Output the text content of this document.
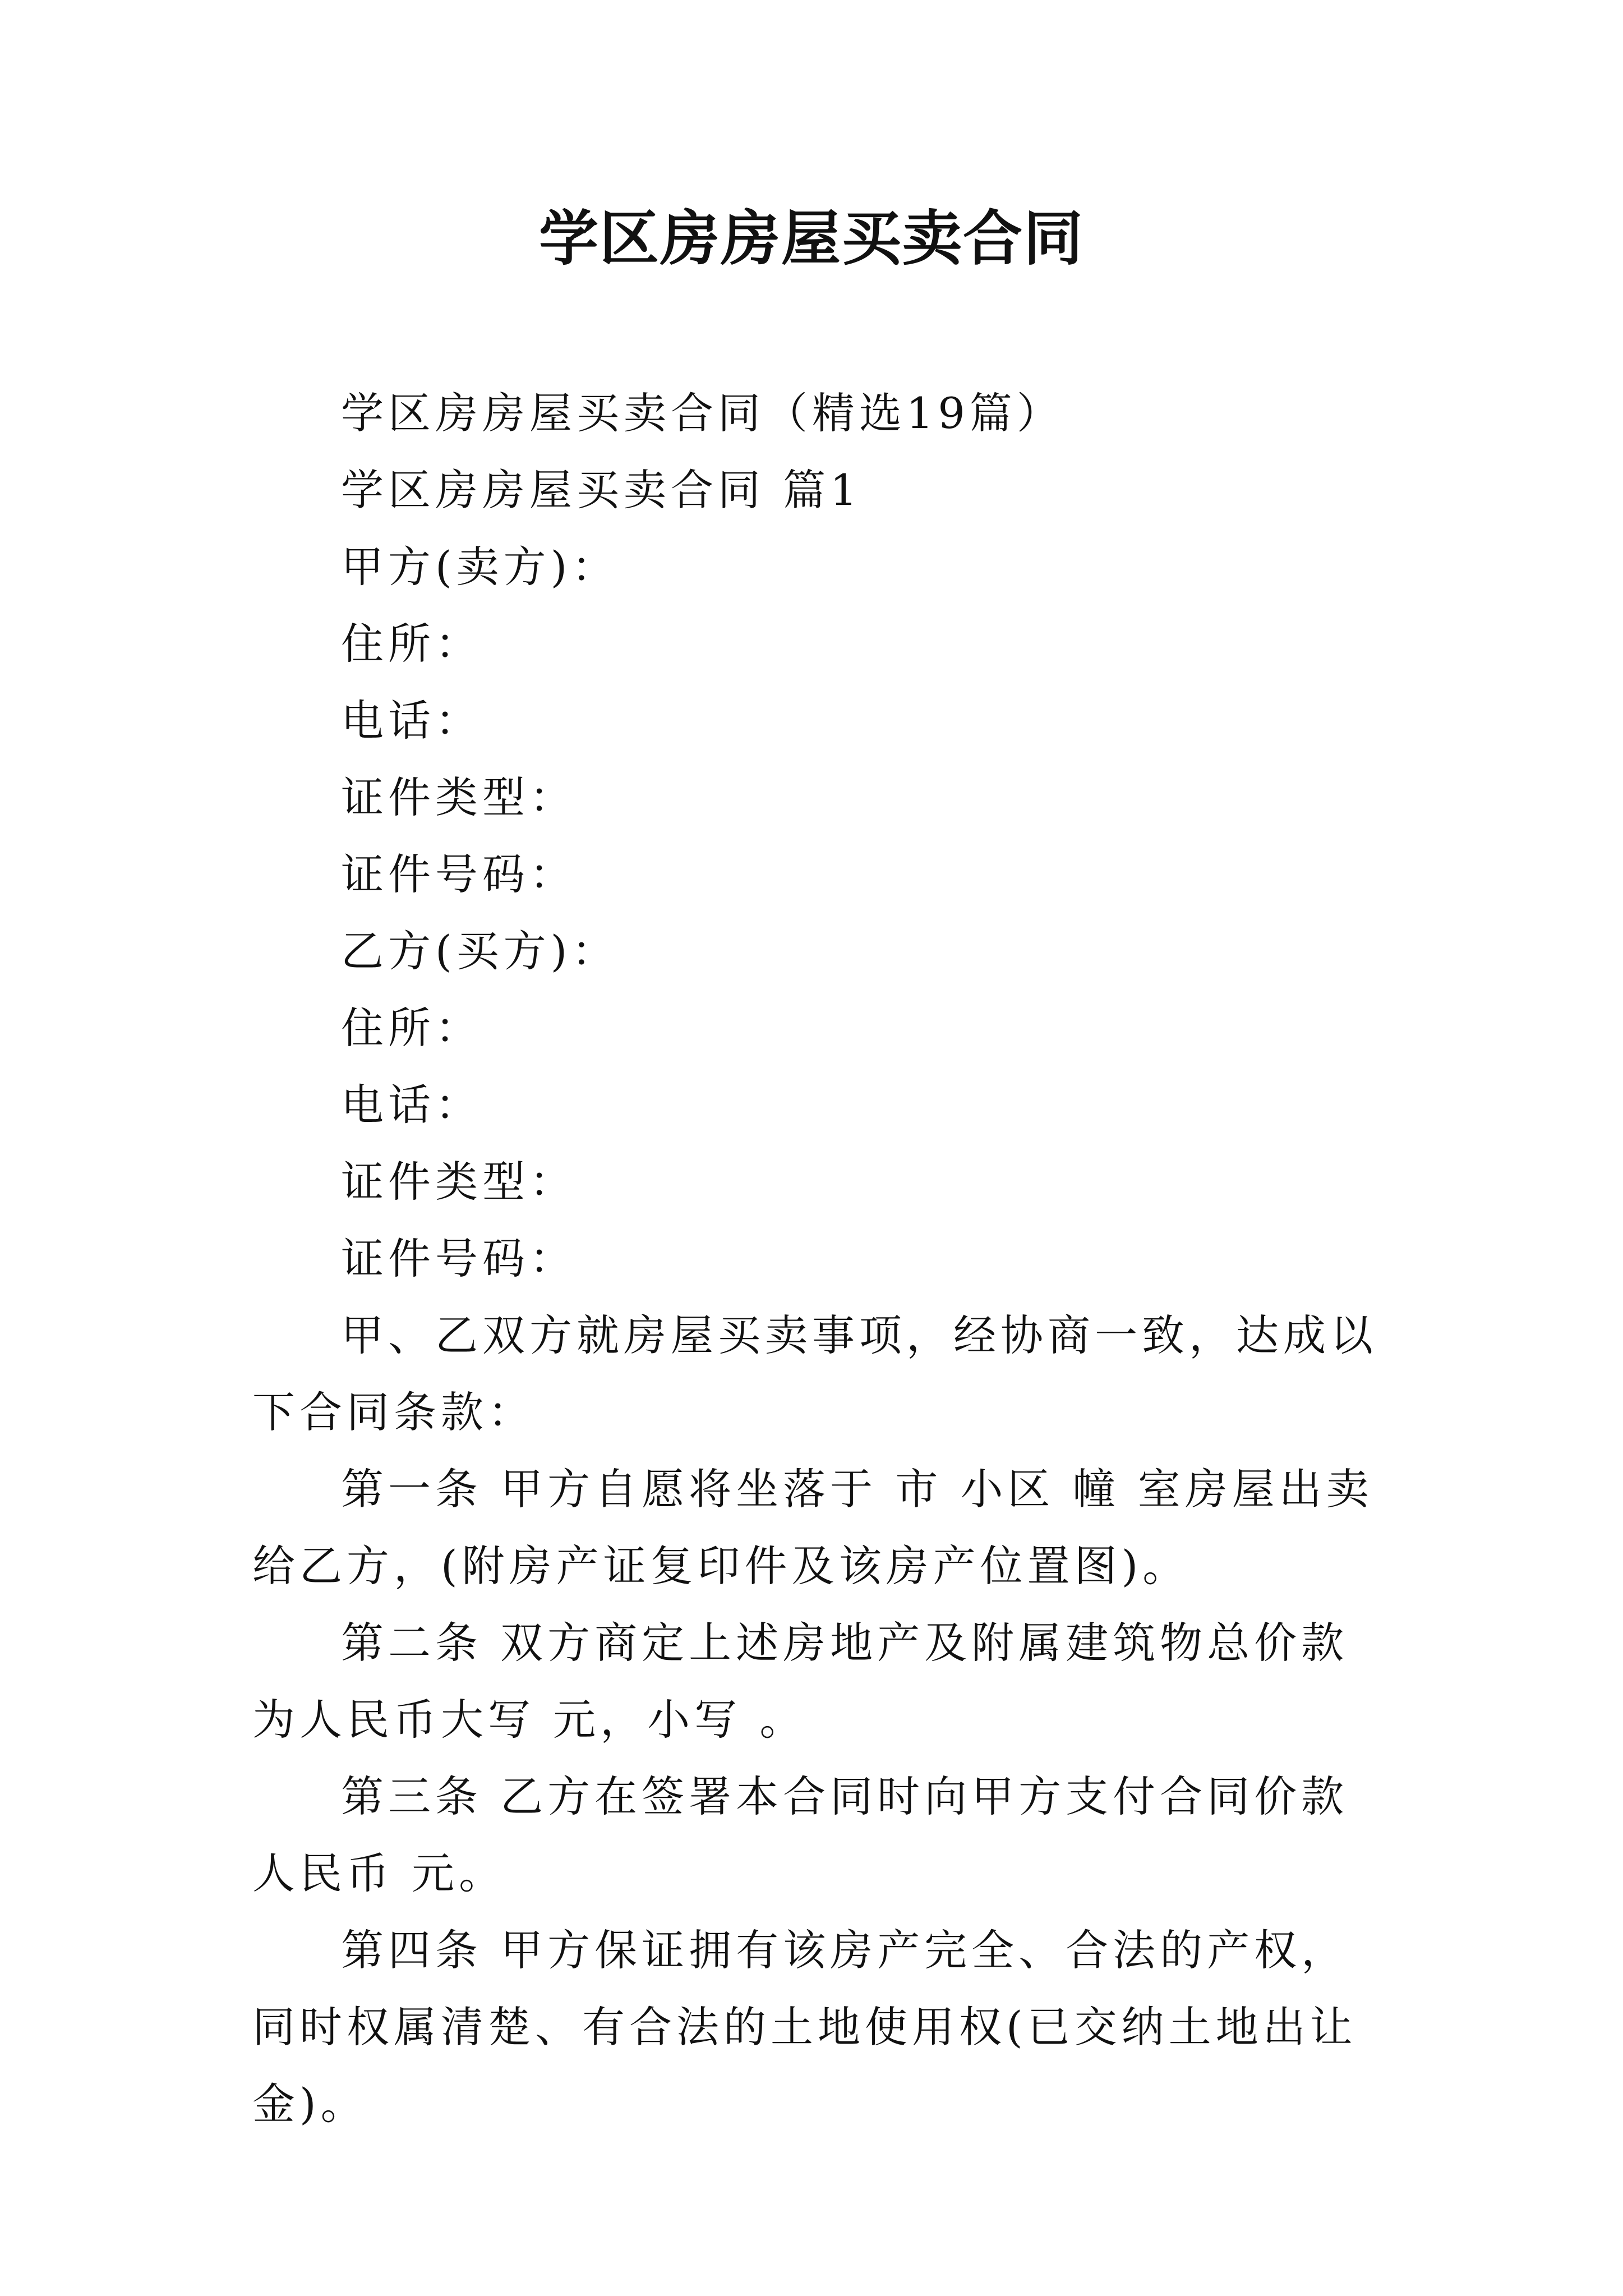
学区房房屋买卖合同

学区房房屋买卖合同（精选19篇）

学区房房屋买卖合同 篇1

甲方(卖方)：

住所：

电话：

证件类型：

证件号码：

乙方(买方)：

住所：

电话：

证件类型：

证件号码：

甲、乙双方就房屋买卖事项，经协商一致，达成以下合同条款：

第一条 甲方自愿将坐落于 市 小区 幢 室房屋出卖给乙方，(附房产证复印件及该房产位置图)。

第二条 双方商定上述房地产及附属建筑物总价款为人民币大写 元，小写 。

第三条 乙方在签署本合同时向甲方支付合同价款人民币 元。

第四条 甲方保证拥有该房产完全、合法的产权，同时权属清楚、有合法的土地使用权(已交纳土地出让金)。
